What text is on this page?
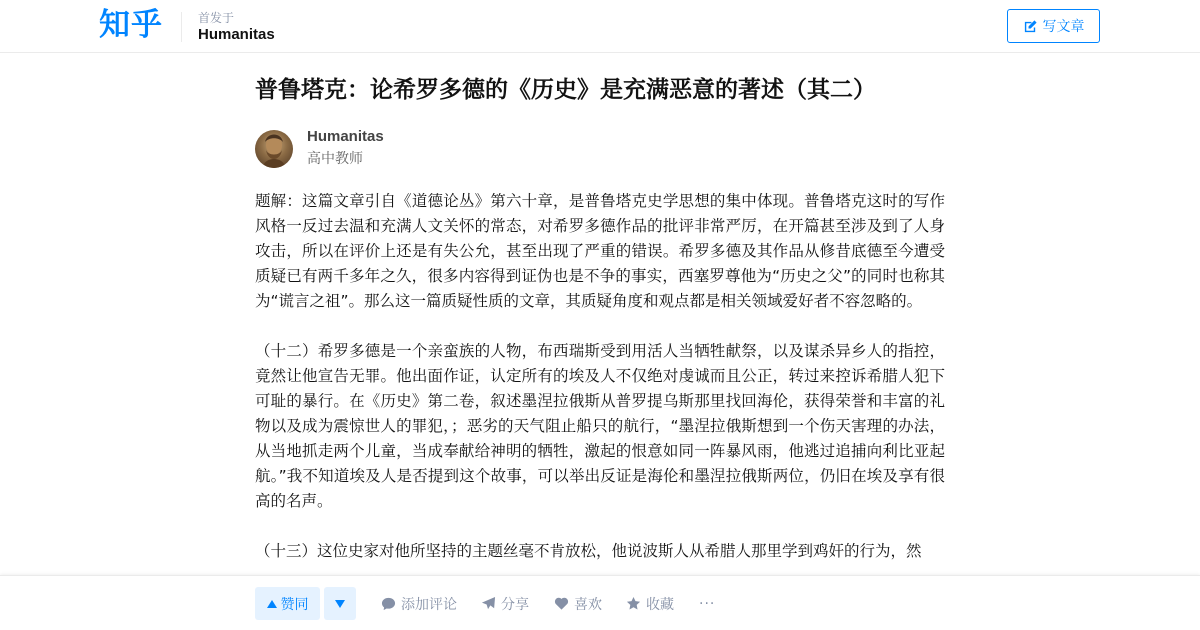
知乎	首发于
Humanitas	写文章
普鲁塔克：论希罗多德的《历史》是充满恶意的著述（其二）
Humanitas
高中教师

题解：这篇文章引自《道德论丛》第六十章，是普鲁塔克史学思想的集中体现。普鲁塔克这时的写作风格一反过去温和充满人文关怀的常态，对希罗多德作品的批评非常严厉，在开篇甚至涉及到了人身攻击，所以在评价上还是有失公允，甚至出现了严重的错误。希罗多德及其作品从修昔底德至今遭受质疑已有两千多年之久，很多内容得到证伪也是不争的事实，西塞罗尊他为“历史之父”的同时也称其为“谎言之祖”。那么这一篇质疑性质的文章，其质疑角度和观点都是相关领域爱好者不容忽略的。

（十二）希罗多德是一个亲蛮族的人物，布西瑞斯受到用活人当牺牲献祭，以及谋杀异乡人的指控，竟然让他宣告无罪。他出面作证，认定所有的埃及人不仅绝对虔诚而且公正，转过来控诉希腊人犯下可耻的暴行。在《历史》第二卷，叙述墨涅拉俄斯从普罗提乌斯那里找回海伦，获得荣誉和丰富的礼物以及成为震惊世人的罪犯，；恶劣的天气阻止船只的航行，“墨涅拉俄斯想到一个伤天害理的办法，从当地抓走两个儿童，当成奉献给神明的牺牲，激起的恨意如同一阵暴风雨，他逃过追捕向利比亚起航。”我不知道埃及人是否提到这个故事，可以举出反证是海伦和墨涅拉俄斯两位，仍旧在埃及享有很高的名声。

（十三）这位史家对他所坚持的主题丝毫不肯放松，他说波斯人从希腊人那里学到鸡奸的行为，然

赞同	添加评论	分享	喜欢	收藏 ···
